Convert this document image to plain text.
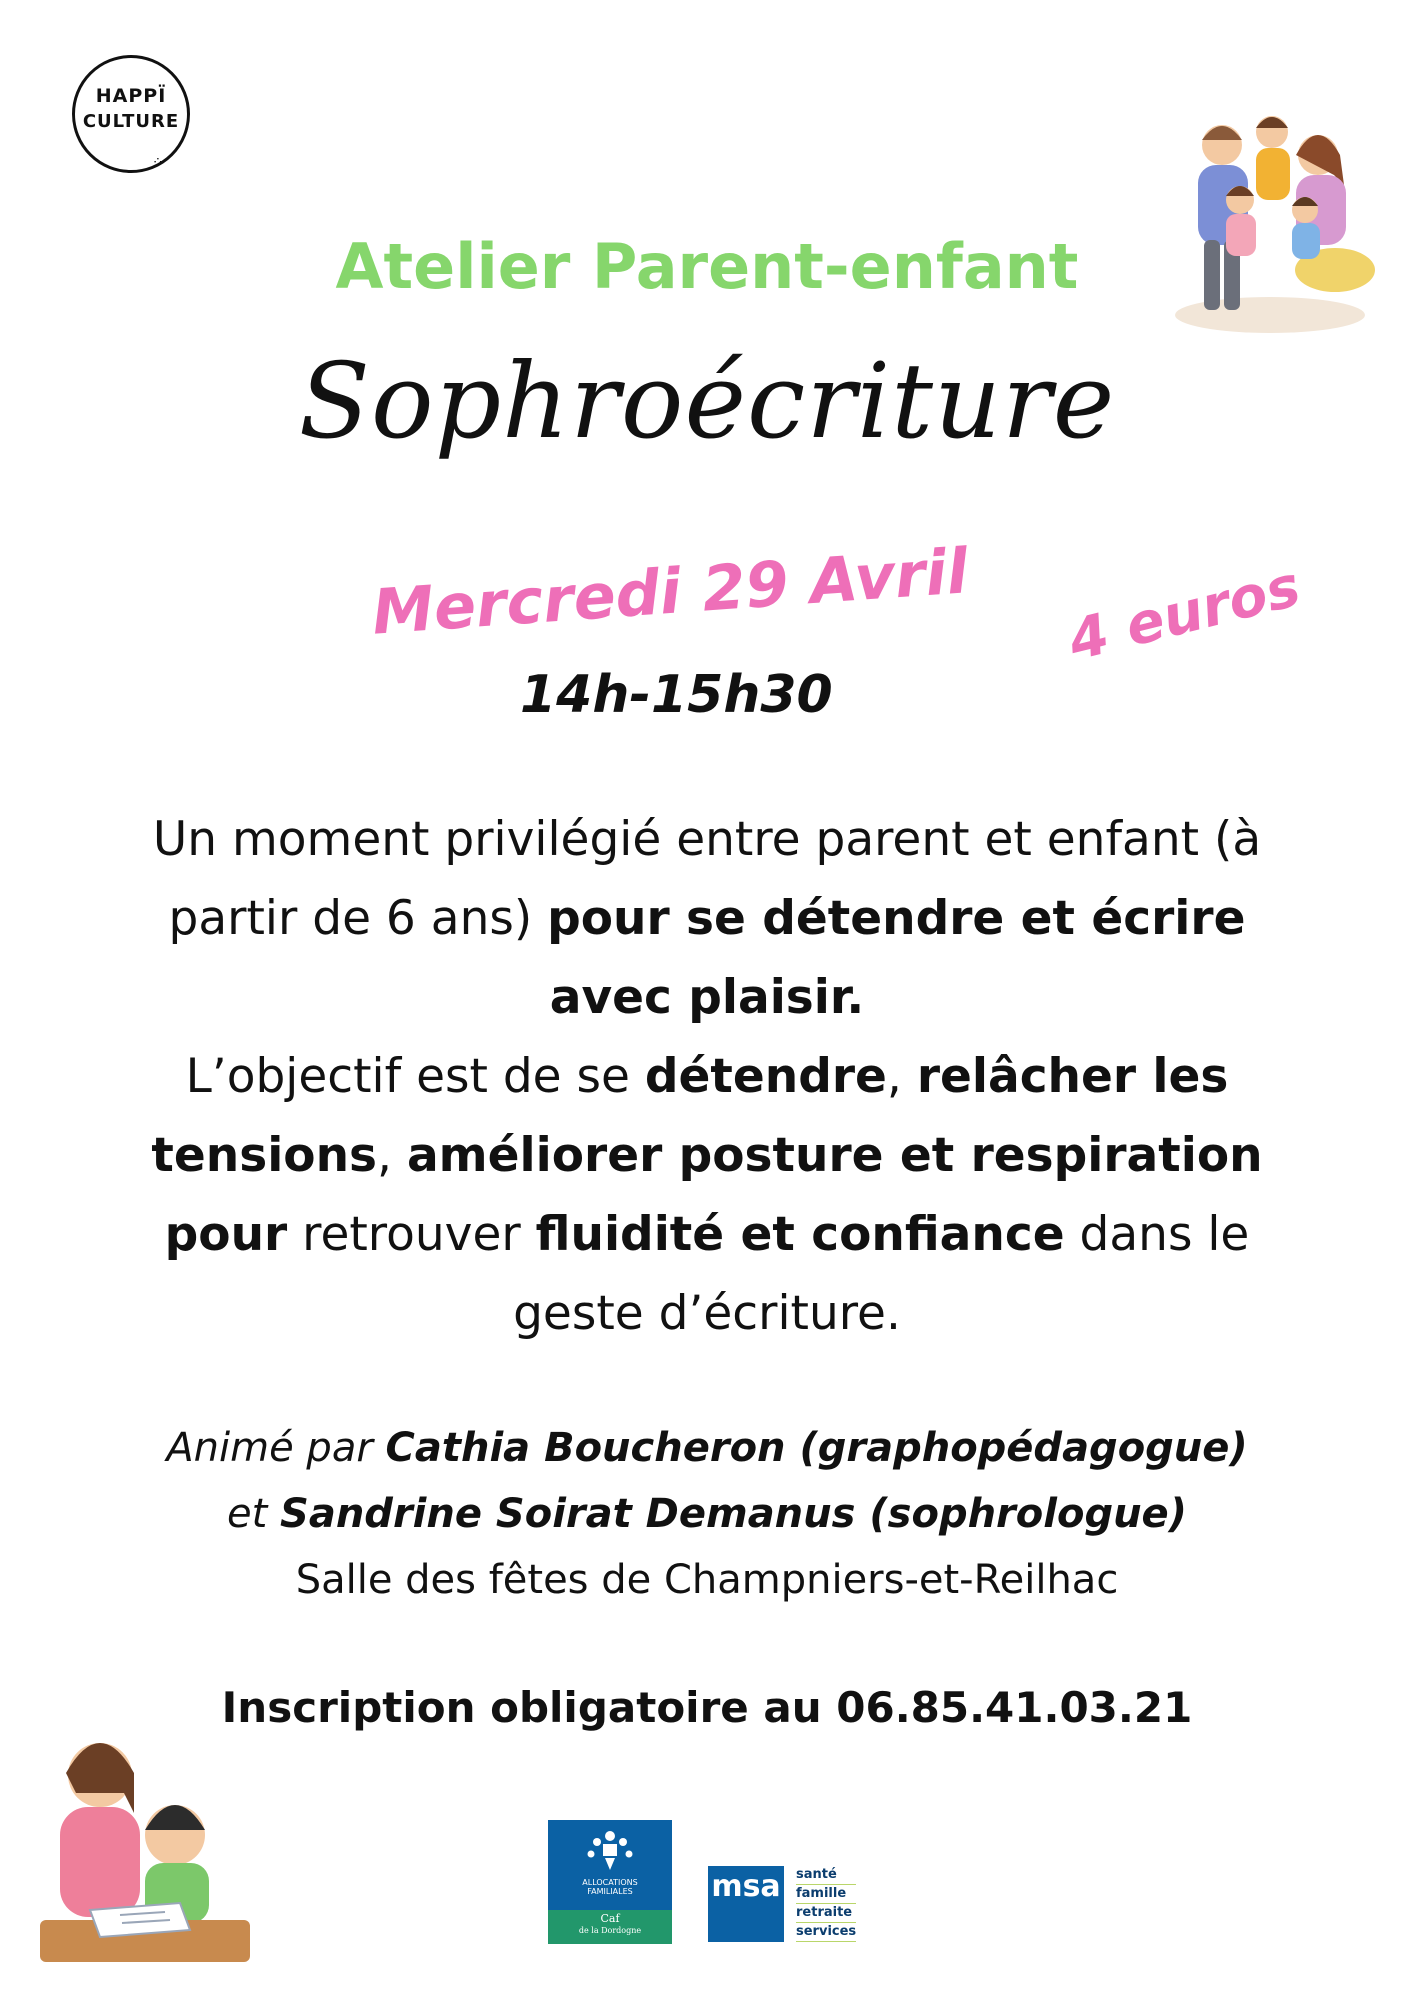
HAPPÏ
CULTURE
⁘
Atelier Parent-enfant
Sophroécriture
Mercredi 29 Avril
14h-15h30
4 euros
Un moment privilégié entre parent et enfant (à partir de 6 ans) pour se détendre et écrire avec plaisir.
L’objectif est de se détendre, relâcher les tensions, améliorer posture et respiration pour retrouver fluidité et confiance dans le geste d’écriture.
Animé par Cathia Boucheron (graphopédagogue)
et Sandrine Soirat Demanus (sophrologue)
Salle des fêtes de Champniers-et-Reilhac
Inscription obligatoire au 06.85.41.03.21
ALLOCATIONS
FAMILIALES
Caf
de la Dordogne
msa santé
famille
retraite
services
